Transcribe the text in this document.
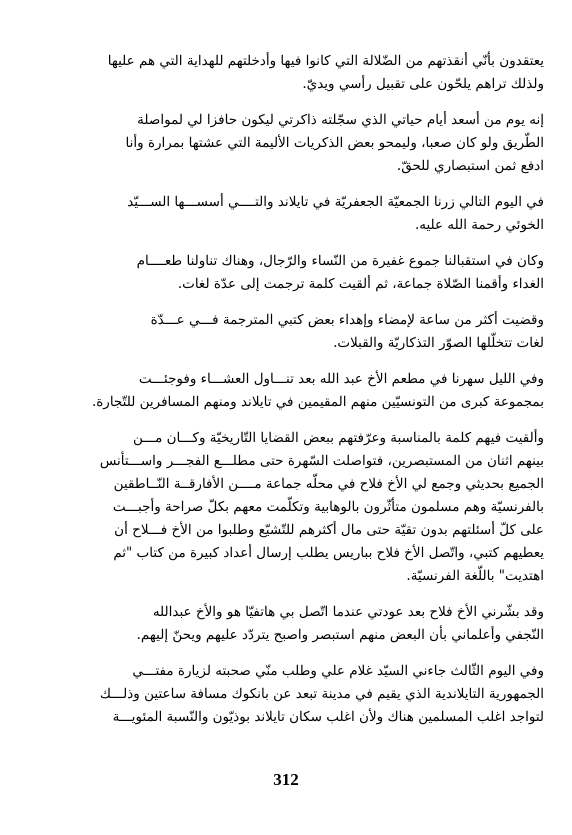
يعتقدون بأنّي أنقذتهم من الضّلالة التي كانوا فيها وأدخلتهم للهداية التي هم عليها
ولذلك تراهم يلحّون على تقبيل رأسي ويديّ.

إنه يوم من أسعد أيام حياتي الذي سجّلته ذاكرتي ليكون حافزا لي لمواصلة
الطّريق ولو كان صعبا، وليمحو بعض الذكريات الأليمة التي عشتها بمرارة وأنا
ادفع ثمن استبصاري للحقّ.

في اليوم التالي زرنا الجمعيّة الجعفريّة في تايلاند والتــــي أسســـها الســـيّد
الخوئي رحمة الله عليه.

وكان في استقبالنا جموع غفيرة من النّساء والرّجال، وهناك تناولنا طعــــام
الغداء وأقمنا الصّلاة جماعة، ثم ألقيت كلمة ترجمت إلى عدّة لغات.

وقضيت أكثر من ساعة لإمضاء وإهداء بعض كتبي المترجمة فـــي عـــدّة
لغات تتخلّلها الصوّر التذكاريّة والقبلات.

وفي الليل سهرنا في مطعم الأخ عبد الله بعد تنـــاول العشـــاء وفوجئـــت
بمجموعة كبرى من التونسيّين منهم المقيمين في تايلاند ومنهم المسافرين للتّجارة.

وألقيت فيهم كلمة بالمناسبة وعرّفتهم ببعض القضايا التّاريخيّة وكـــان مـــن
بينهم اثنان من المستبصرين، فتواصلت السّهرة حتى مطلـــع الفجـــر واســـتأنس
الجميع بحديثي وجمع لي الأخ فلاح في محلّه جماعة مــــن الأفارقــة النّــاطقين
بالفرنسيّة وهم مسلمون متأثّرون بالوهابية وتكلّمت معهم بكلّ صراحة وأجبـــت
على كلّ أسئلتهم بدون تقيّة حتى مال أكثرهم للتّشيّع وطلبوا من الأخ فـــلاح أن
يعطيهم كتبي، واتّصل الأخ فلاح بباريس يطلب إرسال أعداد كبيرة من كتاب "ثم
اهتديت" باللّغة الفرنسيّة.

وقد بشّرني الأخ فلاح بعد عودتي عندما اتّصل بي هاتفيّا هو والأخ عبدالله
النّجفي وأعلماني بأن البعض منهم استبصر واصبح يتردّد عليهم ويحنّ إليهم.

وفي اليوم الثّالث جاءني السيّد غلام علي وطلب منّي صحبته لزيارة مفتـــي
الجمهورية التايلاندية الذي يقيم في مدينة تبعد عن بانكوك مسافة ساعتين وذلـــك
لتواجد اغلب المسلمين هناك ولأن اغلب سكان تايلاند بوذيّون والنّسبة المئويـــة

312
